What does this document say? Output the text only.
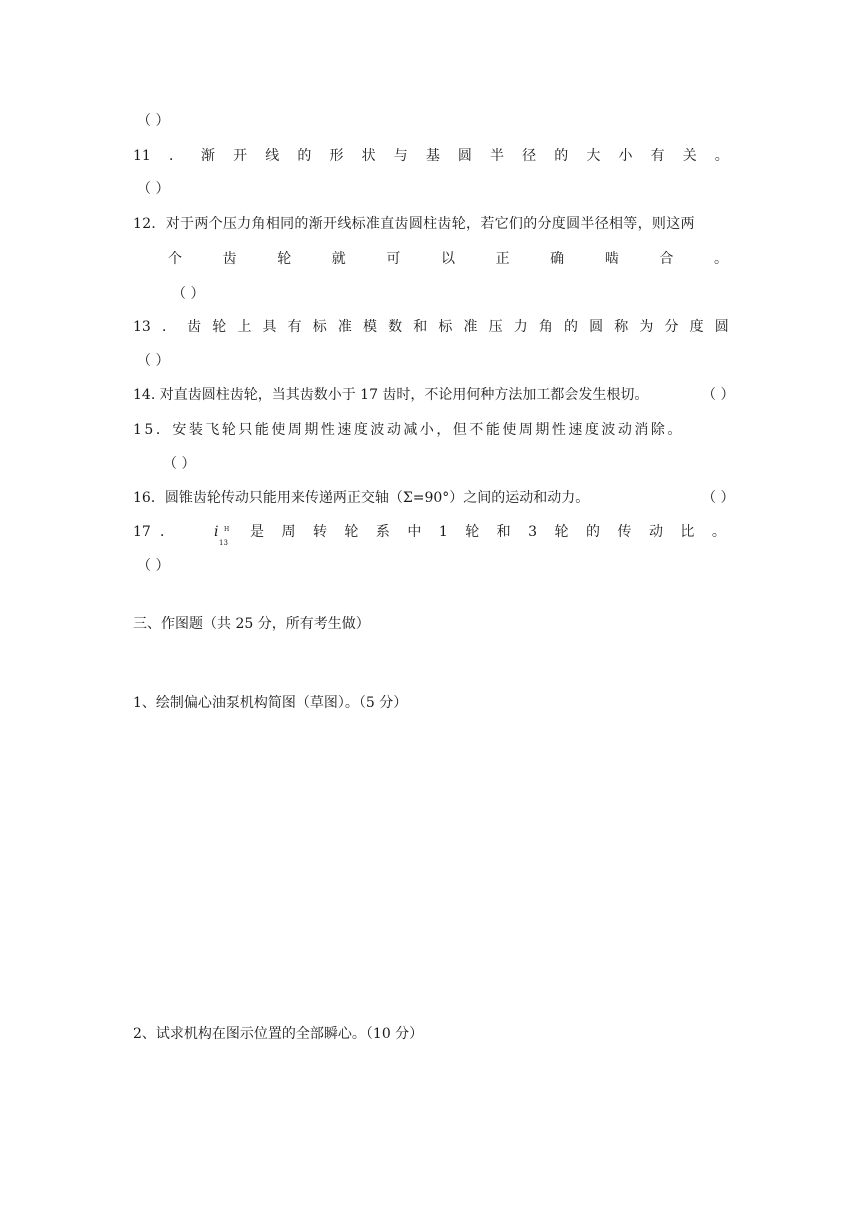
（ ）
11 ． 渐 开 线 的 形 状 与 基 圆 半 径 的 大 小 有 关 。
（ ）
12．对于两个压力角相同的渐开线标准直齿圆柱齿轮，若它们的分度圆半径相等，则这两
个	齿	轮	就	可	以	正	确	啮	合	。
（ ）
13 ． 齿 轮 上 具 有 标 准 模 数 和 标 准 压 力 角 的 圆 称 为 分 度 圆
（ ）
14. 对直齿圆柱齿轮，当其齿数小于 17 齿时，不论用何种方法加工都会发生根切。	（ ）
15．安装飞轮只能使周期性速度波动减小，但不能使周期性速度波动消除。
（ ）
16．圆锥齿轮传动只能用来传递两正交轴（Σ=90°）之间的运动和动力。	（ ）
17 ．	i
13
H 是 周 转 轮 系 中 1 轮 和 3 轮 的 传 动 比 。
（ ）
三、作图题（共 25 分，所有考生做）
1、绘制偏心油泵机构简图（草图）。（5 分）
2、试求机构在图示位置的全部瞬心。（10 分）
